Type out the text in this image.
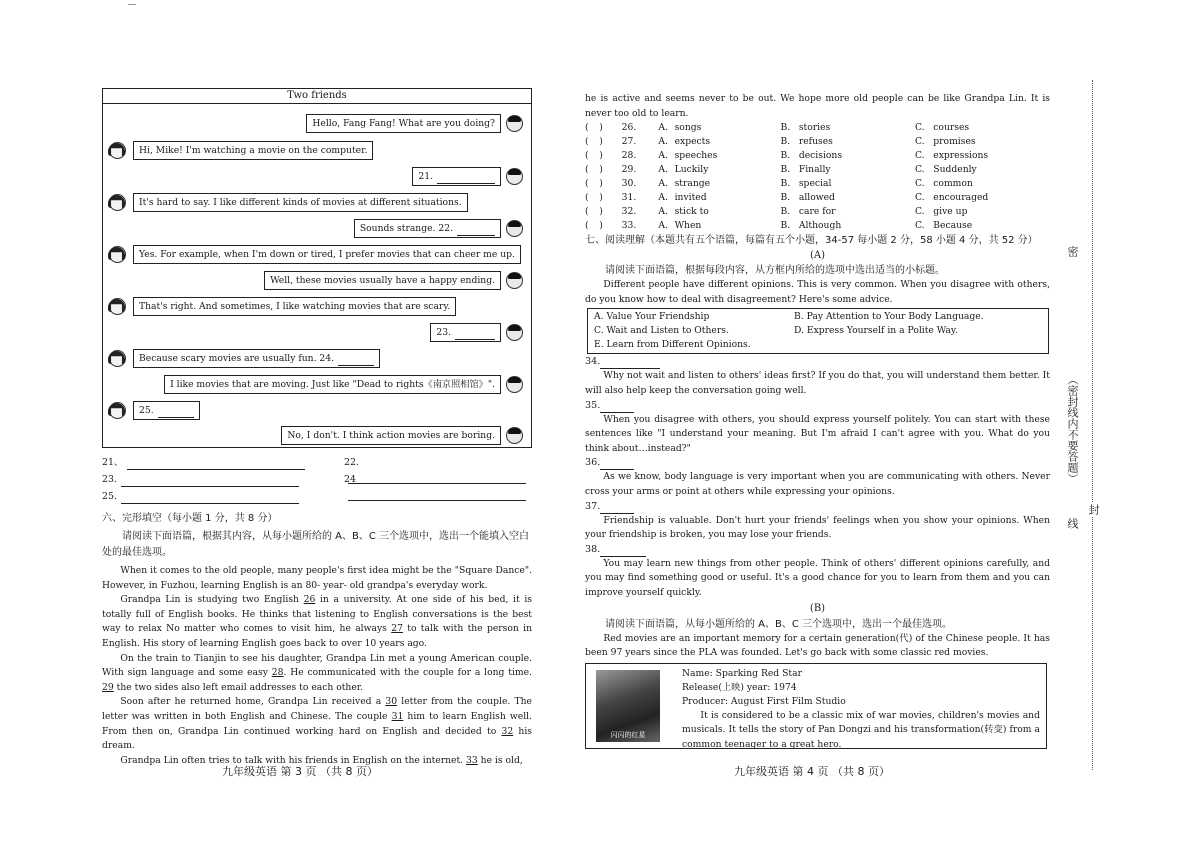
Two friends
Hello, Fang Fang! What are you doing?
Hi, Mike! I'm watching a movie on the computer.
21.
It's hard to say. I like different kinds of movies at different situations.
Sounds strange. 22.
Yes. For example, when I'm down or tired, I prefer movies that can cheer me up.
Well, these movies usually have a happy ending.
That's right. And sometimes, I like watching movies that are scary.
23.
Because scary movies are usually fun. 24.
I like movies that are moving. Just like "Dead to rights《南京照相馆》".
25.
No, I don't. I think action movies are boring.
21、	22.
23.	24
25.
六、完形填空（每小题 1 分，共 8 分）

请阅读下面语篇，根据其内容，从每小题所给的 A、B、C 三个选项中，选出一个能填入空白处的最佳选项。

When it comes to the old people, many people's first idea might be the "Square Dance". However, in Fuzhou, learning English is an 80- year- old grandpa's everyday work.

Grandpa Lin is studying two English 26 in a university. At one side of his bed, it is totally full of English books. He thinks that listening to English conversations is the best way to relax No matter who comes to visit him, he always 27 to talk with the person in English. His story of learning English goes back to over 10 years ago.

On the train to Tianjin to see his daughter, Grandpa Lin met a young American couple. With sign language and some easy 28. He communicated with the couple for a long time. 29 the two sides also left email addresses to each other.

Soon after he returned home, Grandpa Lin received a 30 letter from the couple. The letter was written in both English and Chinese. The couple 31 him to learn English well. From then on, Grandpa Lin continued working hard on English and decided to 32 his dream.

Grandpa Lin often tries to talk with his friends in English on the internet. 33 he is old,

九年级英语 第 3 页 （共 8 页）

he is active and seems never to be out. We hope more old people can be like Grandpa Lin. It is never too old to learn.

(	)	26.	A.	songs	B.	stories	C.	courses
(	)	27.	A.	expects	B.	refuses	C.	promises
(	)	28.	A.	speeches	B.	decisions	C.	expressions
(	)	29.	A.	Luckily	B.	Finally	C.	Suddenly
(	)	30.	A.	strange	B.	special	C.	common
(	)	31.	A.	invited	B.	allowed	C.	encouraged
(	)	32.	A.	stick to	B.	care for	C.	give up
(	)	33.	A.	When	B.	Although	C.	Because
七、阅读理解（本题共有五个语篇，每篇有五个小题，34-57 每小题 2 分，58 小题 4 分，共 52 分）
(A)

请阅读下面语篇，根据每段内容，从方框内所给的选项中选出适当的小标题。

Different people have different opinions. This is very common. When you disagree with others, do you know how to deal with disagreement? Here's some advice.

A. Value Your Friendship	B. Pay Attention to Your Body Language.
C. Wait and Listen to Others.	D. Express Yourself in a Polite Way.
E. Learn from Different Opinions.
34.

Why not wait and listen to others' ideas first? If you do that, you will understand them better. It will also help keep the conversation going well.

35.

When you disagree with others, you should express yourself politely. You can start with these sentences like "I understand your meaning. But I'm afraid I can't agree with you. What do you think about…instead?"

36.

As we know, body language is very important when you are communicating with others. Never cross your arms or point at others while expressing your opinions.

37.

Friendship is valuable. Don't hurt your friends' feelings when you show your opinions. When your friendship is broken, you may lose your friends.

38.

You may learn new things from other people. Think of others' different opinions carefully, and you may find something good or useful. It's a good chance for you to learn from them and you can improve yourself quickly.

(B)

请阅读下面语篇，从每小题所给的 A、B、C 三个选项中，选出一个最佳选项。

Red movies are an important memory for a certain generation(代) of the Chinese people. It has been 97 years since the PLA was founded. Let's go back with some classic red movies.

闪闪的红星
Name: Sparking Red Star
Release(上映) year: 1974
Producer: August First Film Studio

It is considered to be a classic mix of war movies, children's movies and musicals. It tells the story of Pan Dongzi and his transformation(转变) from a common teenager to a great hero.

九年级英语 第 4 页 （共 8 页）
密
（密封线内不要答题）
封
线
